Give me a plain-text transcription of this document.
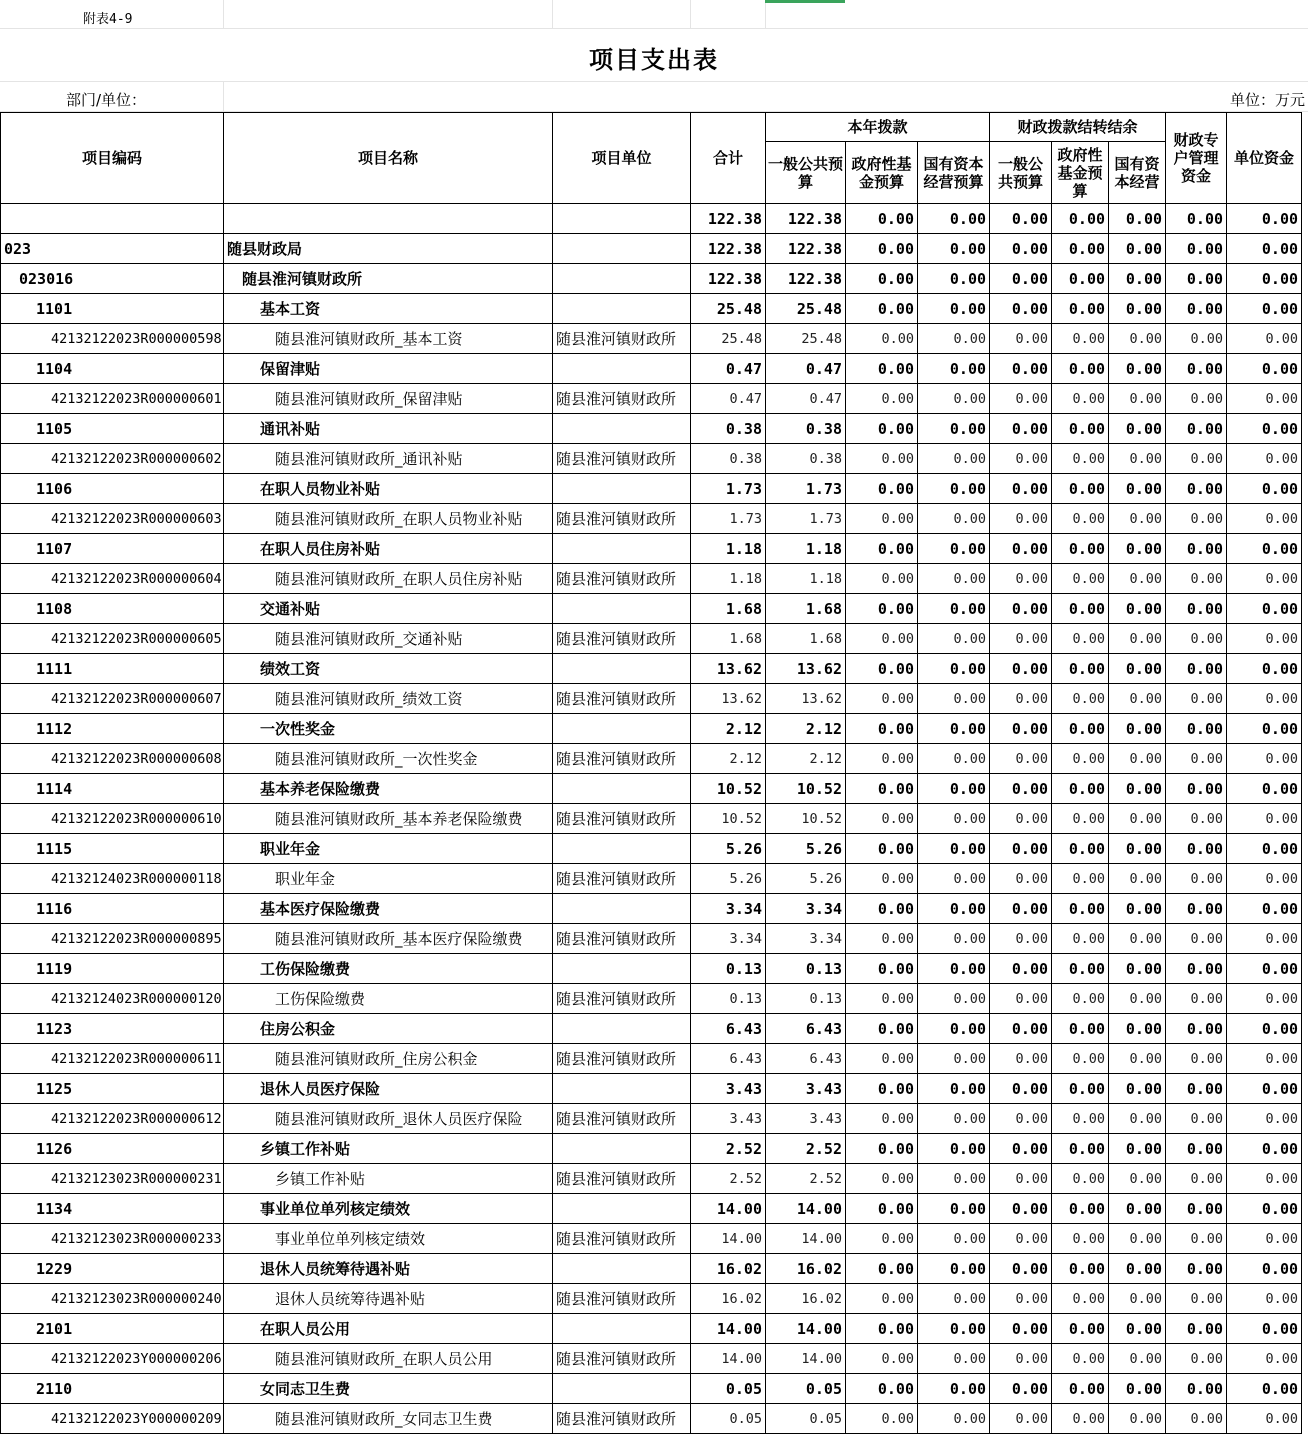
附表4-9
项目支出表
部门/单位：	单位：万元
项目编码	项目名称	项目单位	合计	本年拨款			财政拨款结转结余			财政专户管理资金	单位资金
				一般公共预算	政府性基金预算	国有资本经营预算	一般公共预算	政府性基金预算	国有资本经营		
			122.38	122.38	0.00	0.00	0.00	0.00	0.00	0.00	0.00
023	随县财政局		122.38	122.38	0.00	0.00	0.00	0.00	0.00	0.00	0.00
023016	随县淮河镇财政所		122.38	122.38	0.00	0.00	0.00	0.00	0.00	0.00	0.00
1101	基本工资		25.48	25.48	0.00	0.00	0.00	0.00	0.00	0.00	0.00
42132122023R000000598	随县淮河镇财政所_基本工资	随县淮河镇财政所	25.48	25.48	0.00	0.00	0.00	0.00	0.00	0.00	0.00
1104	保留津贴		0.47	0.47	0.00	0.00	0.00	0.00	0.00	0.00	0.00
42132122023R000000601	随县淮河镇财政所_保留津贴	随县淮河镇财政所	0.47	0.47	0.00	0.00	0.00	0.00	0.00	0.00	0.00
1105	通讯补贴		0.38	0.38	0.00	0.00	0.00	0.00	0.00	0.00	0.00
42132122023R000000602	随县淮河镇财政所_通讯补贴	随县淮河镇财政所	0.38	0.38	0.00	0.00	0.00	0.00	0.00	0.00	0.00
1106	在职人员物业补贴		1.73	1.73	0.00	0.00	0.00	0.00	0.00	0.00	0.00
42132122023R000000603	随县淮河镇财政所_在职人员物业补贴	随县淮河镇财政所	1.73	1.73	0.00	0.00	0.00	0.00	0.00	0.00	0.00
1107	在职人员住房补贴		1.18	1.18	0.00	0.00	0.00	0.00	0.00	0.00	0.00
42132122023R000000604	随县淮河镇财政所_在职人员住房补贴	随县淮河镇财政所	1.18	1.18	0.00	0.00	0.00	0.00	0.00	0.00	0.00
1108	交通补贴		1.68	1.68	0.00	0.00	0.00	0.00	0.00	0.00	0.00
42132122023R000000605	随县淮河镇财政所_交通补贴	随县淮河镇财政所	1.68	1.68	0.00	0.00	0.00	0.00	0.00	0.00	0.00
1111	绩效工资		13.62	13.62	0.00	0.00	0.00	0.00	0.00	0.00	0.00
42132122023R000000607	随县淮河镇财政所_绩效工资	随县淮河镇财政所	13.62	13.62	0.00	0.00	0.00	0.00	0.00	0.00	0.00
1112	一次性奖金		2.12	2.12	0.00	0.00	0.00	0.00	0.00	0.00	0.00
42132122023R000000608	随县淮河镇财政所_一次性奖金	随县淮河镇财政所	2.12	2.12	0.00	0.00	0.00	0.00	0.00	0.00	0.00
1114	基本养老保险缴费		10.52	10.52	0.00	0.00	0.00	0.00	0.00	0.00	0.00
42132122023R000000610	随县淮河镇财政所_基本养老保险缴费	随县淮河镇财政所	10.52	10.52	0.00	0.00	0.00	0.00	0.00	0.00	0.00
1115	职业年金		5.26	5.26	0.00	0.00	0.00	0.00	0.00	0.00	0.00
42132124023R000000118	职业年金	随县淮河镇财政所	5.26	5.26	0.00	0.00	0.00	0.00	0.00	0.00	0.00
1116	基本医疗保险缴费		3.34	3.34	0.00	0.00	0.00	0.00	0.00	0.00	0.00
42132122023R000000895	随县淮河镇财政所_基本医疗保险缴费	随县淮河镇财政所	3.34	3.34	0.00	0.00	0.00	0.00	0.00	0.00	0.00
1119	工伤保险缴费		0.13	0.13	0.00	0.00	0.00	0.00	0.00	0.00	0.00
42132124023R000000120	工伤保险缴费	随县淮河镇财政所	0.13	0.13	0.00	0.00	0.00	0.00	0.00	0.00	0.00
1123	住房公积金		6.43	6.43	0.00	0.00	0.00	0.00	0.00	0.00	0.00
42132122023R000000611	随县淮河镇财政所_住房公积金	随县淮河镇财政所	6.43	6.43	0.00	0.00	0.00	0.00	0.00	0.00	0.00
1125	退休人员医疗保险		3.43	3.43	0.00	0.00	0.00	0.00	0.00	0.00	0.00
42132122023R000000612	随县淮河镇财政所_退休人员医疗保险	随县淮河镇财政所	3.43	3.43	0.00	0.00	0.00	0.00	0.00	0.00	0.00
1126	乡镇工作补贴		2.52	2.52	0.00	0.00	0.00	0.00	0.00	0.00	0.00
42132123023R000000231	乡镇工作补贴	随县淮河镇财政所	2.52	2.52	0.00	0.00	0.00	0.00	0.00	0.00	0.00
1134	事业单位单列核定绩效		14.00	14.00	0.00	0.00	0.00	0.00	0.00	0.00	0.00
42132123023R000000233	事业单位单列核定绩效	随县淮河镇财政所	14.00	14.00	0.00	0.00	0.00	0.00	0.00	0.00	0.00
1229	退休人员统筹待遇补贴		16.02	16.02	0.00	0.00	0.00	0.00	0.00	0.00	0.00
42132123023R000000240	退休人员统筹待遇补贴	随县淮河镇财政所	16.02	16.02	0.00	0.00	0.00	0.00	0.00	0.00	0.00
2101	在职人员公用		14.00	14.00	0.00	0.00	0.00	0.00	0.00	0.00	0.00
42132122023Y000000206	随县淮河镇财政所_在职人员公用	随县淮河镇财政所	14.00	14.00	0.00	0.00	0.00	0.00	0.00	0.00	0.00
2110	女同志卫生费		0.05	0.05	0.00	0.00	0.00	0.00	0.00	0.00	0.00
42132122023Y000000209	随县淮河镇财政所_女同志卫生费	随县淮河镇财政所	0.05	0.05	0.00	0.00	0.00	0.00	0.00	0.00	0.00
